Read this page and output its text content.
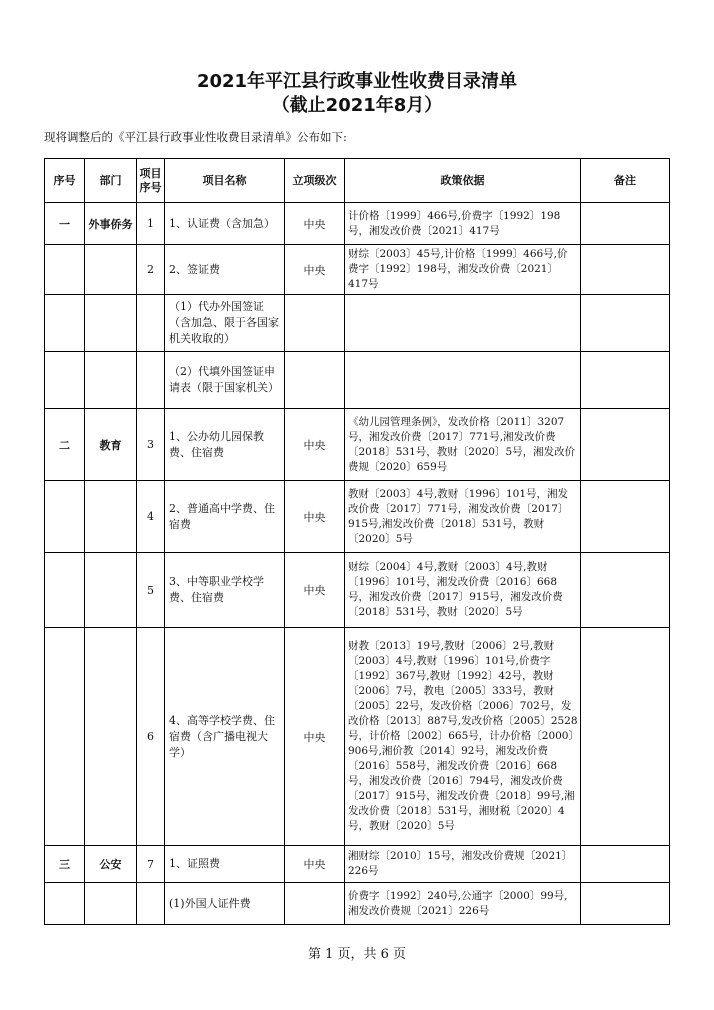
2021年平江县行政事业性收费目录清单
（截止2021年8月）
现将调整后的《平江县行政事业性收费目录清单》公布如下:
序号	部门	项目序号	项目名称	立项级次	政策依据	备注
一	外事侨务	1	1、认证费（含加急）	中央	计价格〔1999〕466号,价费字〔1992〕198号，湘发改价费〔2021〕417号	
		2	2、签证费	中央	财综〔2003〕45号,计价格〔1999〕466号,价费字〔1992〕198号，湘发改价费〔2021〕417号	
			（1）代办外国签证（含加急、限于各国家机关收取的）			
			（2）代填外国签证申请表（限于国家机关）			
二	教育	3	1、公办幼儿园保教费、住宿费	中央	《幼儿园管理条例》，发改价格〔2011〕3207号，湘发改价费〔2017〕771号,湘发改价费〔2018〕531号，教财〔2020〕5号，湘发改价费规〔2020〕659号	
		4	2、普通高中学费、住宿费	中央	教财〔2003〕4号,教财〔1996〕101号，湘发改价费〔2017〕771号，湘发改价费〔2017〕915号,湘发改价费〔2018〕531号，教财〔2020〕5号	
		5	3、中等职业学校学费、住宿费	中央	财综〔2004〕4号,教财〔2003〕4号,教财〔1996〕101号，湘发改价费〔2016〕668号，湘发改价费〔2017〕915号，湘发改价费〔2018〕531号，教财〔2020〕5号	
		6	4、高等学校学费、住宿费（含广播电视大学）	中央	财教〔2013〕19号,教财〔2006〕2号,教财〔2003〕4号,教财〔1996〕101号,价费字〔1992〕367号,教财〔1992〕42号，教财〔2006〕7号，教电〔2005〕333号，教财〔2005〕22号，发改价格〔2006〕702号，发改价格〔2013〕887号,发改价格〔2005〕2528号，计价格〔2002〕665号，计办价格〔2000〕906号,湘价教〔2014〕92号，湘发改价费〔2016〕558号，湘发改价费〔2016〕668号，湘发改价费〔2016〕794号，湘发改价费〔2017〕915号，湘发改价费〔2018〕99号,湘发改价费〔2018〕531号，湘财税〔2020〕4号，教财〔2020〕5号	
三	公安	7	1、证照费	中央	湘财综〔2010〕15号，湘发改价费规〔2021〕226号	
			(1)外国人证件费		价费字〔1992〕240号,公通字〔2000〕99号,湘发改价费规〔2021〕226号	
第 1 页，共 6 页
